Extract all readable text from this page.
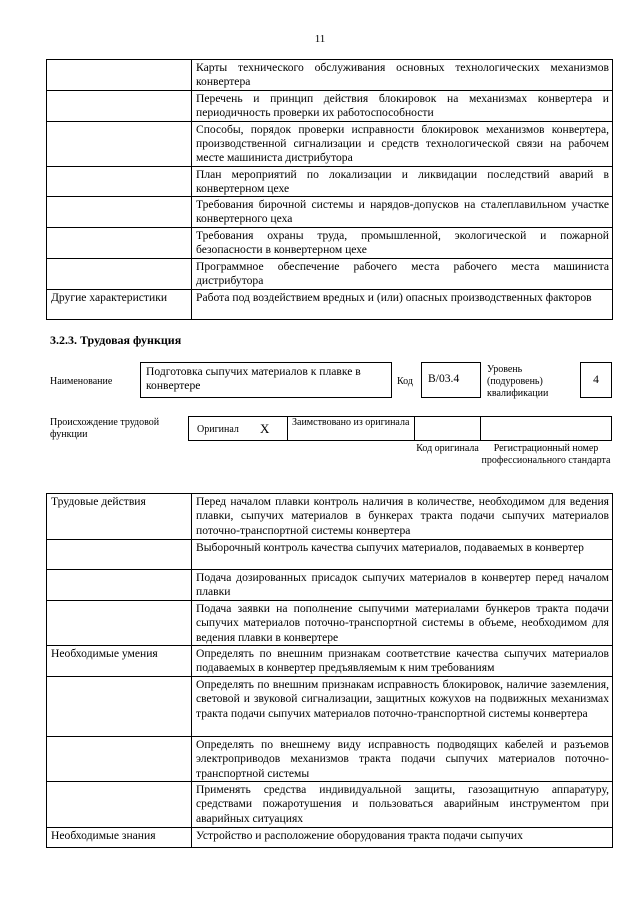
11
	Карты технического обслуживания основных технологических механизмов конвертера
	Перечень и принцип действия блокировок на механизмах конвертера и периодичность проверки их работоспособности
	Способы, порядок проверки исправности блокировок механизмов конвертера, производственной сигнализации и средств технологической связи на рабочем месте машиниста дистрибутора
	План мероприятий по локализации и ликвидации последствий аварий в конвертерном цехе
	Требования бирочной системы и нарядов-допусков на сталеплавильном участке конвертерного цеха
	Требования охраны труда, промышленной, экологической и пожарной безопасности в конвертерном цехе
	Программное обеспечение рабочего места рабочего места машиниста дистрибутора
Другие характеристики	Работа под воздействием вредных и (или) опасных производственных факторов
3.2.3. Трудовая функция
Наименование
Подготовка сыпучих материалов к плавке в конвертере	Код	В/03.4
Уровень (подуровень) квалификации
4
Происхождение трудовой функции	Оригинал X	Заимствовано из оригинала
Код оригинала	Регистрационный номер профессионального стандарта
Трудовые действия	Перед началом плавки контроль наличия в количестве, необходимом для ведения плавки, сыпучих материалов в бункерах тракта подачи сыпучих материалов поточно-транспортной системы конвертера
	Выборочный контроль качества сыпучих материалов, подаваемых в конвертер
	Подача дозированных присадок сыпучих материалов в конвертер перед началом плавки
	Подача заявки на пополнение сыпучими материалами бункеров тракта подачи сыпучих материалов поточно-транспортной системы в объеме, необходимом для ведения плавки в конвертере
Необходимые умения	Определять по внешним признакам соответствие качества сыпучих материалов подаваемых в конвертер предъявляемым к ним требованиям
	Определять по внешним признакам исправность блокировок, наличие заземления, световой и звуковой сигнализации, защитных кожухов на подвижных механизмах тракта подачи сыпучих материалов поточно-транспортной системы конвертера
	Определять по внешнему виду исправность подводящих кабелей и разъемов электроприводов механизмов тракта подачи сыпучих материалов поточно-транспортной системы
	Применять средства индивидуальной защиты, газозащитную аппаратуру, средствами пожаротушения и пользоваться аварийным инструментом при аварийных ситуациях
Необходимые знания	Устройство и расположение оборудования тракта подачи сыпучих
